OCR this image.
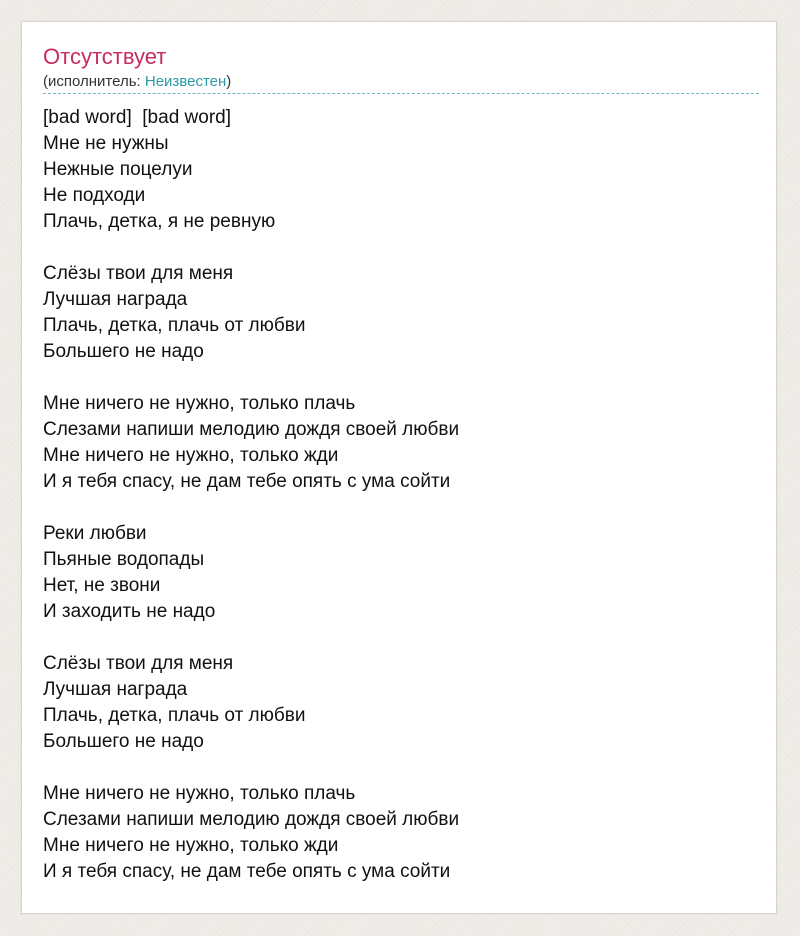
Отсутствует
(исполнитель: Неизвестен)
[bad word]  [bad word]
Мне не нужны
Нежные поцелуи
Не подходи
Плачь, детка, я не ревную
Слёзы твои для меня
Лучшая награда
Плачь, детка, плачь от любви
Большего не надо
Мне ничего не нужно, только плачь
Слезами напиши мелодию дождя своей любви
Мне ничего не нужно, только жди
И я тебя спасу, не дам тебе опять с ума сойти
Реки любви
Пьяные водопады
Нет, не звони
И заходить не надо
Слёзы твои для меня
Лучшая награда
Плачь, детка, плачь от любви
Большего не надо
Мне ничего не нужно, только плачь
Слезами напиши мелодию дождя своей любви
Мне ничего не нужно, только жди
И я тебя спасу, не дам тебе опять с ума сойти
